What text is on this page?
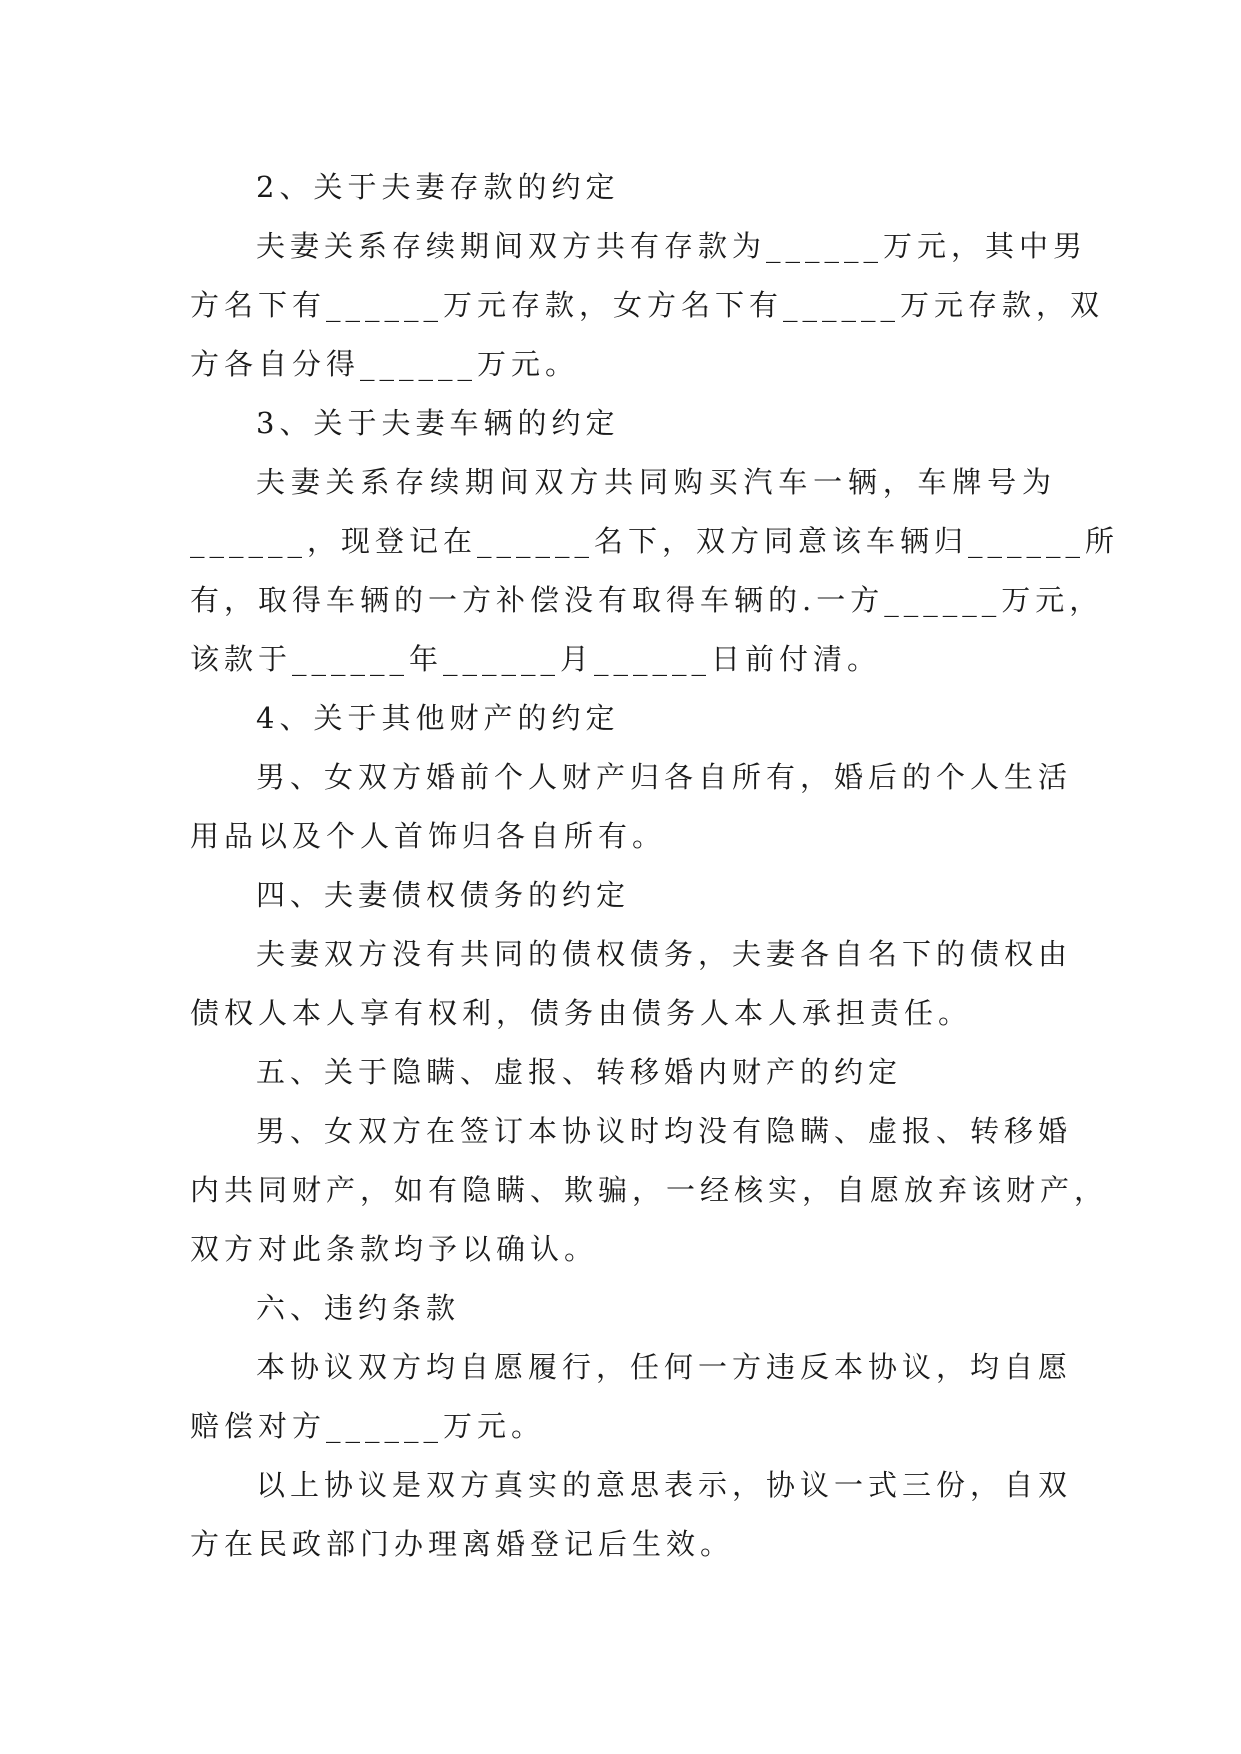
2、关于夫妻存款的约定
夫妻关系存续期间双方共有存款为______万元，其中男
方名下有______万元存款，女方名下有______万元存款，双
方各自分得______万元。
3、关于夫妻车辆的约定
夫妻关系存续期间双方共同购买汽车一辆，车牌号为
______，现登记在______名下，双方同意该车辆归______所
有，取得车辆的一方补偿没有取得车辆的.一方______万元，
该款于______年______月______日前付清。
4、关于其他财产的约定
男、女双方婚前个人财产归各自所有，婚后的个人生活
用品以及个人首饰归各自所有。
四、夫妻债权债务的约定
夫妻双方没有共同的债权债务，夫妻各自名下的债权由
债权人本人享有权利，债务由债务人本人承担责任。
五、关于隐瞒、虚报、转移婚内财产的约定
男、女双方在签订本协议时均没有隐瞒、虚报、转移婚
内共同财产，如有隐瞒、欺骗，一经核实，自愿放弃该财产，
双方对此条款均予以确认。
六、违约条款
本协议双方均自愿履行，任何一方违反本协议，均自愿
赔偿对方______万元。
以上协议是双方真实的意思表示，协议一式三份，自双
方在民政部门办理离婚登记后生效。
